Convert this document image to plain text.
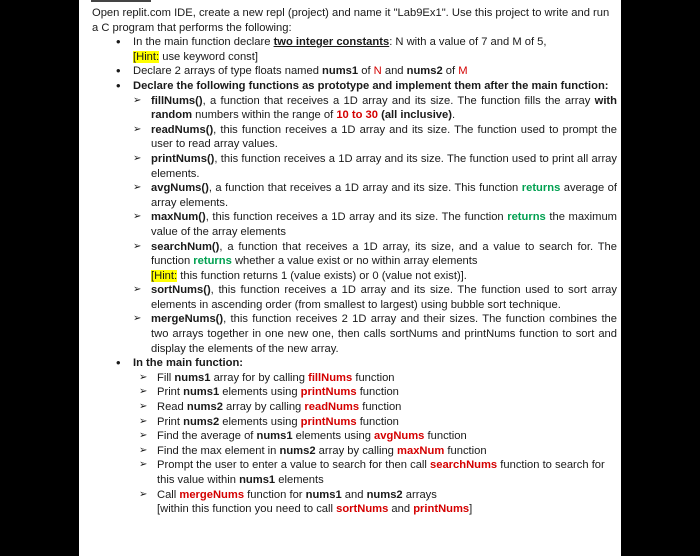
Open replit.com IDE, create a new repl (project) and name it "Lab9Ex1". Use this project to write and run a C program that performs the following:

• In the main function declare two integer constants: N with a value of 7 and M of 5,
[Hint: use keyword const]
• Declare 2 arrays of type floats named nums1 of N and nums2 of M
• Declare the following functions as prototype and implement them after the main function:
➢ fillNums(), a function that receives a 1D array and its size. The function fills the array with random numbers within the range of 10 to 30 (all inclusive).
➢ readNums(), this function receives a 1D array and its size. The function used to prompt the user to read array values.
➢ printNums(), this function receives a 1D array and its size. The function used to print all array elements.
➢ avgNums(), a function that receives a 1D array and its size. This function returns average of array elements.
➢ maxNum(), this function receives a 1D array and its size. The function returns the maximum value of the array elements
➢ searchNum(), a function that receives a 1D array, its size, and a value to search for. The function returns whether a value exist or no within array elements
[Hint: this function returns 1 (value exists) or 0 (value not exist)].
➢ sortNums(), this function receives a 1D array and its size. The function used to sort array elements in ascending order (from smallest to largest) using bubble sort technique.
➢ mergeNums(), this function receives 2 1D array and their sizes. The function combines the two arrays together in one new one, then calls sortNums and printNums function to sort and display the elements of the new array.
• In the main function:
➢ Fill nums1 array for by calling fillNums function
➢ Print nums1 elements using printNums function
➢ Read nums2 array by calling readNums function
➢ Print nums2 elements using printNums function
➢ Find the average of nums1 elements using avgNums function
➢ Find the max element in nums2 array by calling maxNum function
➢ Prompt the user to enter a value to search for then call searchNums function to search for this value within nums1 elements
➢ Call mergeNums function for nums1 and nums2 arrays
[within this function you need to call sortNums and printNums]
